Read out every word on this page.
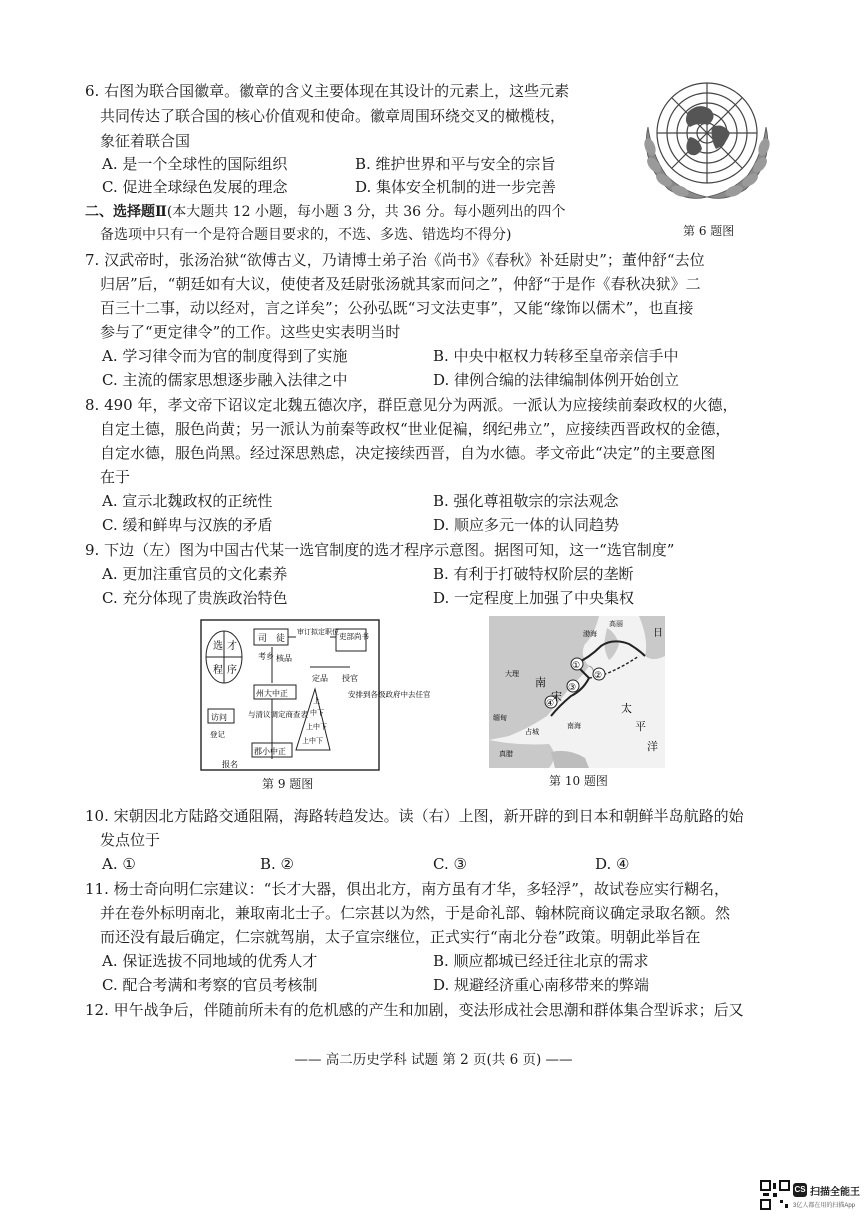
6. 右图为联合国徽章。徽章的含义主要体现在其设计的元素上，这些元素
共同传达了联合国的核心价值观和使命。徽章周围环绕交叉的橄榄枝，
象征着联合国
A. 是一个全球性的国际组织	B. 维护世界和平与安全的宗旨
C. 促进全球绿色发展的理念	D. 集体安全机制的进一步完善
第 6 题图
二、选择题Ⅱ(本大题共 12 小题，每小题 3 分，共 36 分。每小题列出的四个
备选项中只有一个是符合题目要求的，不选、多选、错选均不得分)
7. 汉武帝时，张汤治狱“欲傅古义，乃请博士弟子治《尚书》《春秋》补廷尉史”；董仲舒“去位
归居”后，“朝廷如有大议，使使者及廷尉张汤就其家而问之”，仲舒“于是作《春秋决狱》二
百三十二事，动以经对，言之详矣”；公孙弘既“习文法吏事”，又能“缘饰以儒术”，也直接
参与了“更定律令”的工作。这些史实表明当时
A. 学习律令而为官的制度得到了实施	B. 中央中枢权力转移至皇帝亲信手中
C. 主流的儒家思想逐步融入法律之中	D. 律例合编的法律编制体例开始创立
8. 490 年，孝文帝下诏议定北魏五德次序，群臣意见分为两派。一派认为应接续前秦政权的火德，
自定土德，服色尚黄；另一派认为前秦等政权“世业促褊，纲纪弗立”，应接续西晋政权的金德，
自定水德，服色尚黑。经过深思熟虑，决定接续西晋，自为水德。孝文帝此“决定”的主要意图
在于
A. 宣示北魏政权的正统性	B. 强化尊祖敬宗的宗法观念
C. 缓和鲜卑与汉族的矛盾	D. 顺应多元一体的认同趋势
9. 下边（左）图为中国古代某一选官制度的选才程序示意图。据图可知，这一“选官制度”
A. 更加注重官员的文化素养	B. 有利于打破特权阶层的垄断
C. 充分体现了贵族政治特色	D. 一定程度上加强了中央集权
选 才
程 序
司　徒
审订拟定职位 吏部尚书
考乡 核品
定品 授官
州大中正
访问
登记
与清议调 定商查表
郡小中正
报名
上
中下
上中下
上中下
安排到各级政府中去任官
第 9 题图
①
②
③
④
南
宋
太
平
洋
日
渤海
高丽
缅甸
占城
真腊
大理
南海
第 10 题图
10. 宋朝因北方陆路交通阻隔，海路转趋发达。读（右）上图，新开辟的到日本和朝鲜半岛航路的始
发点位于
A. ①	B. ②	C. ③	D. ④
11. 杨士奇向明仁宗建议：“长才大器，俱出北方，南方虽有才华，多轻浮”，故试卷应实行糊名，
并在卷外标明南北，兼取南北士子。仁宗甚以为然，于是命礼部、翰林院商议确定录取名额。然
而还没有最后确定，仁宗就驾崩，太子宣宗继位，正式实行“南北分卷”政策。明朝此举旨在
A. 保证选拔不同地域的优秀人才	B. 顺应都城已经迁往北京的需求
C. 配合考满和考察的官员考核制	D. 规避经济重心南移带来的弊端
12. 甲午战争后，伴随前所未有的危机感的产生和加剧，变法形成社会思潮和群体集合型诉求；后又
—— 高二历史学科 试题 第 2 页(共 6 页) ——
CS 扫描全能王
3亿人都在用的扫描App
